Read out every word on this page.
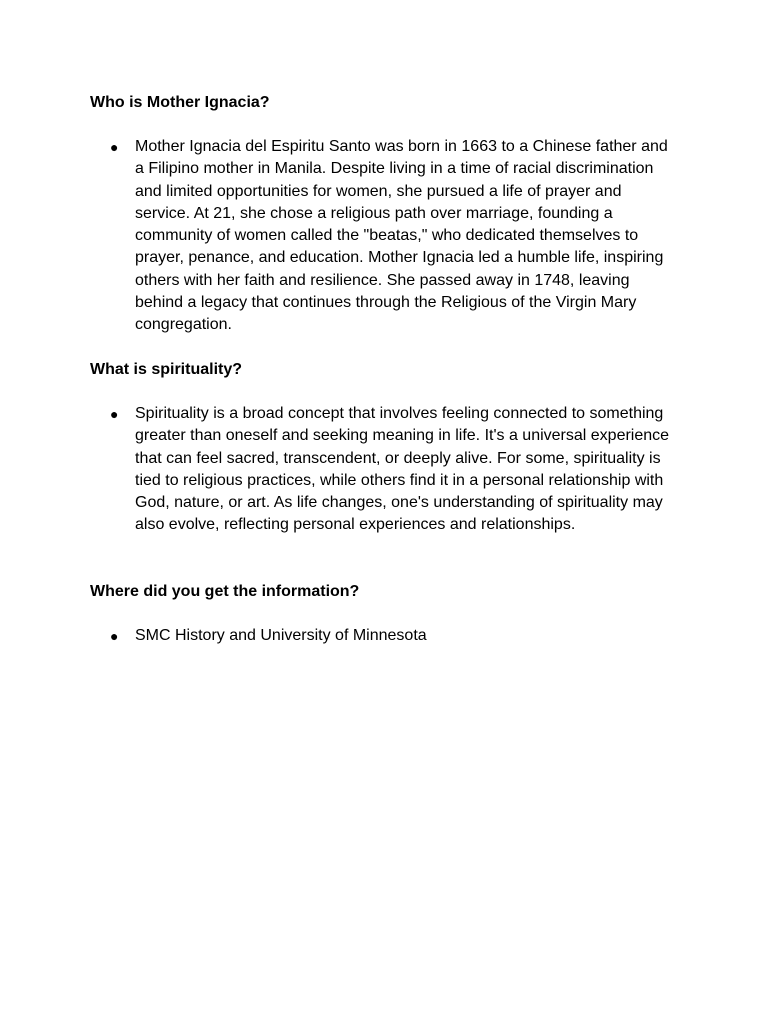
Who is Mother Ignacia?
● Mother Ignacia del Espiritu Santo was born in 1663 to a Chinese father and a Filipino mother in Manila. Despite living in a time of racial discrimination and limited opportunities for women, she pursued a life of prayer and service. At 21, she chose a religious path over marriage, founding a community of women called the "beatas," who dedicated themselves to prayer, penance, and education. Mother Ignacia led a humble life, inspiring others with her faith and resilience. She passed away in 1748, leaving behind a legacy that continues through the Religious of the Virgin Mary congregation.
What is spirituality?
● Spirituality is a broad concept that involves feeling connected to something greater than oneself and seeking meaning in life. It's a universal experience that can feel sacred, transcendent, or deeply alive. For some, spirituality is tied to religious practices, while others find it in a personal relationship with God, nature, or art. As life changes, one's understanding of spirituality may also evolve, reflecting personal experiences and relationships.
Where did you get the information?
● SMC History and University of Minnesota
